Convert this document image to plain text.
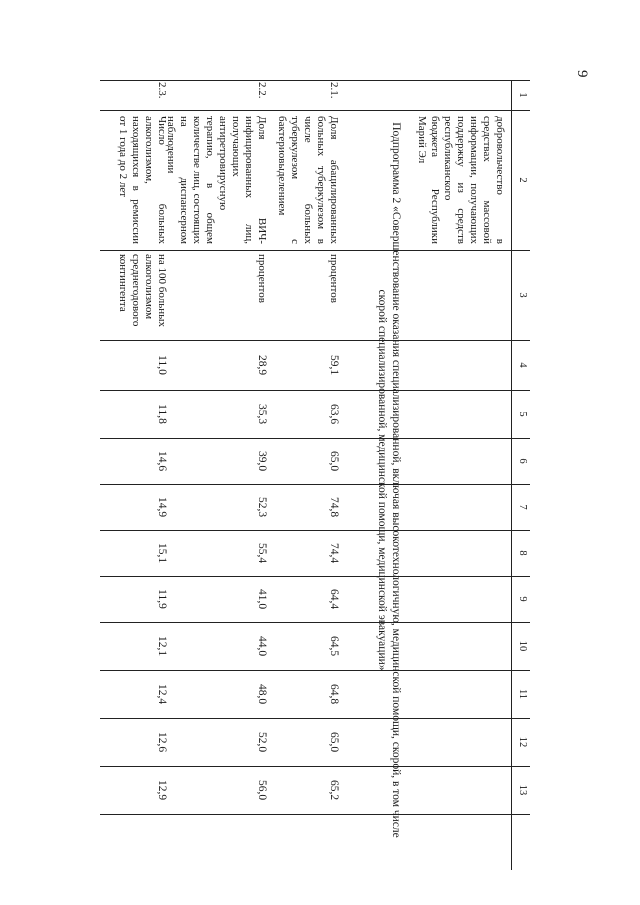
9
1
2
3
4
5
6
7
8
9
10
11
12
13
добровольчество в средствах массовой информации, получающих поддержку из средств республиканского бюджета Республики Марий Эл
Подпрограмма 2 «Совершенствование оказания специализированной, включая высокотехнологичную, медицинской помощи, скорой, в том числе скорой специализированной, медицинской помощи, медицинской эвакуации»
2.1.
Доля абацилированных больных туберкулезом в числе больных туберкулезом с бактериовыделением
процентов
59,1
63,6
65,0
74,8
74,4
64,4
64,5
64,8
65,0
65,2
2.2.
Доля ВИЧ-инфицированных лиц, получающих антиретровирусную терапию, в общем количестве лиц, состоящих на диспансерном наблюдении
процентов
28,9
35,3
39,0
52,3
55,4
41,0
44,0
48,0
52,0
56,0
2.3.
Число больных алкоголизмом, находящихся в ремиссии от 1 года до 2 лет
на 100 больных алкоголизмом среднегодового контингента
11,0
11,8
14,6
14,9
15,1
11,9
12,1
12,4
12,6
12,9
